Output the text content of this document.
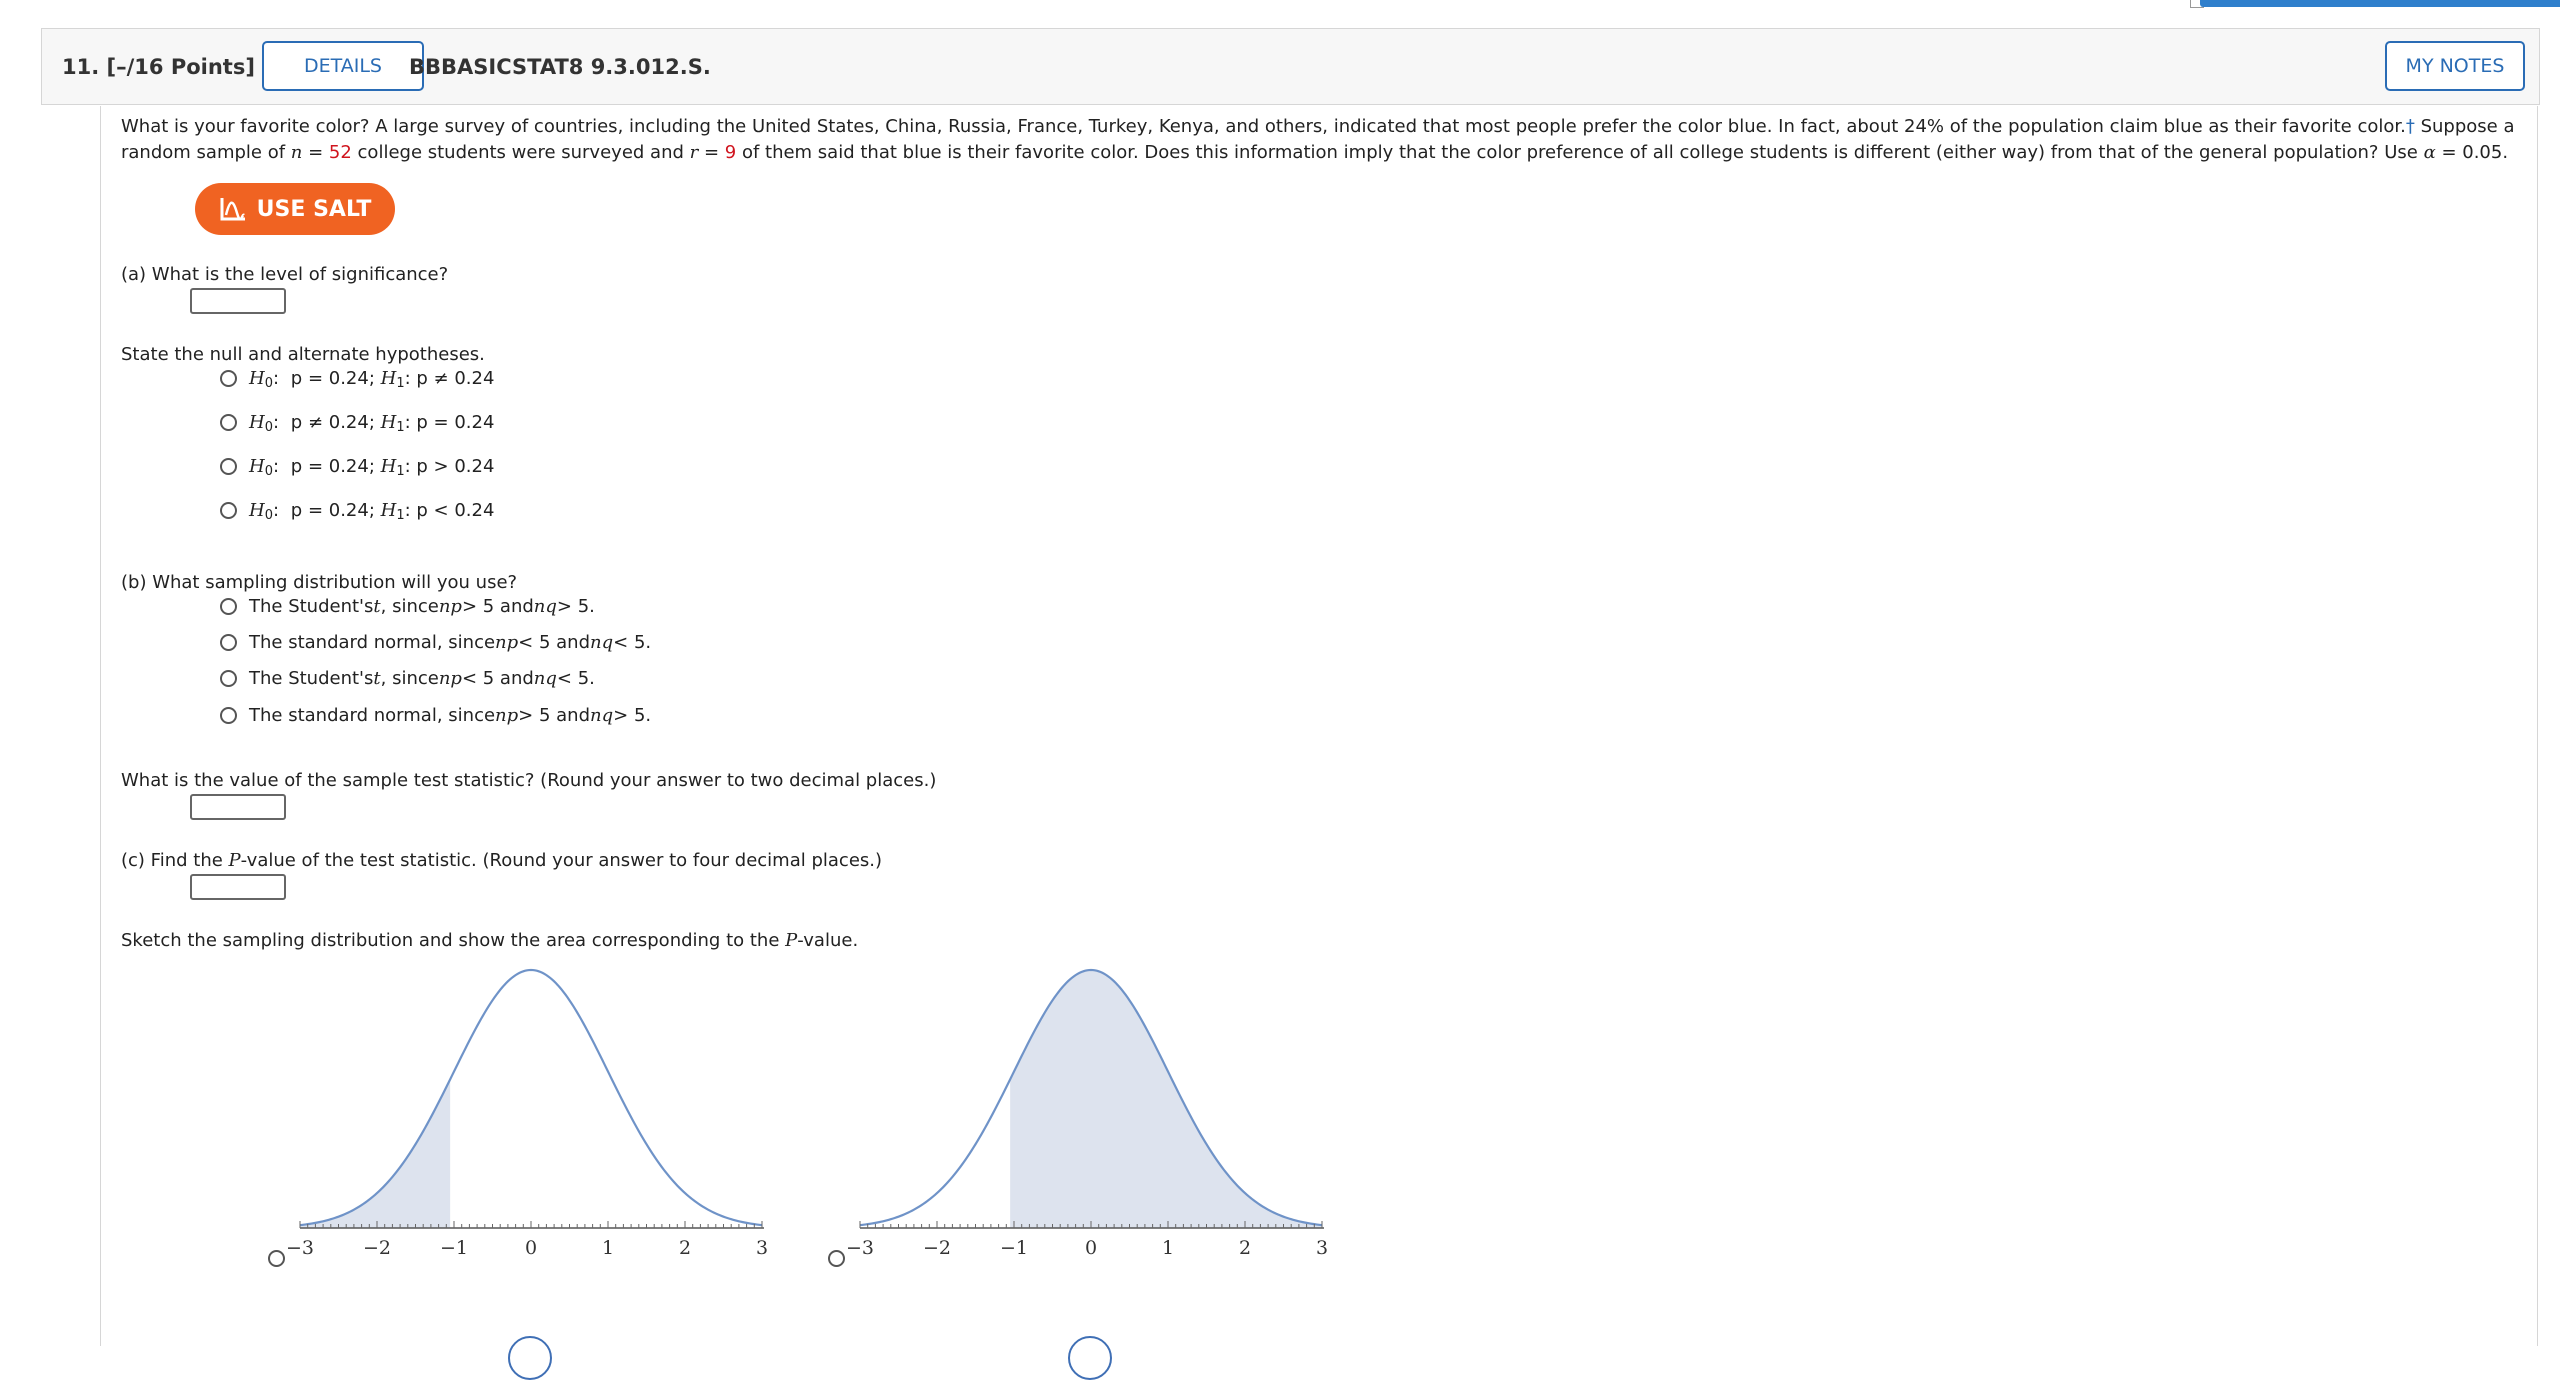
11. [–/16 Points]	DETAILS BBBASICSTAT8 9.3.012.S.	MY NOTES
What is your favorite color? A large survey of countries, including the United States, China, Russia, France, Turkey, Kenya, and others, indicated that most people prefer the color blue. In fact, about 24% of the population claim blue as their favorite color.† Suppose a
random sample of n = 52 college students were surveyed and r = 9 of them said that blue is their favorite color. Does this information imply that the color preference of all college students is different (either way) from that of the general population? Use α = 0.05.
USE SALT
(a) What is the level of significance?
State the null and alternate hypotheses.
H 0 :
p = 0.24 ; H 1 : p ≠ 0.24
H 0 :
p ≠ 0.24 ; H 1 : p = 0.24
H 0 :
p = 0.24 ; H 1 : p > 0.24
H 0 :
p = 0.24 ; H 1 : p < 0.24
(b) What sampling distribution will you use?
The Student's t , since np > 5 and nq > 5.
The standard normal , since np < 5 and nq < 5.
The Student's t , since np < 5 and nq < 5.
The standard normal , since np > 5 and nq > 5.
What is the value of the sample test statistic? (Round your answer to two decimal places.)
(c) Find the P-value of the test statistic. (Round your answer to four decimal places.)
Sketch the sampling distribution and show the area corresponding to the P-value.
−3	−2	−1	0	1	2	3	−3	−2	−1	0	1	2	3
